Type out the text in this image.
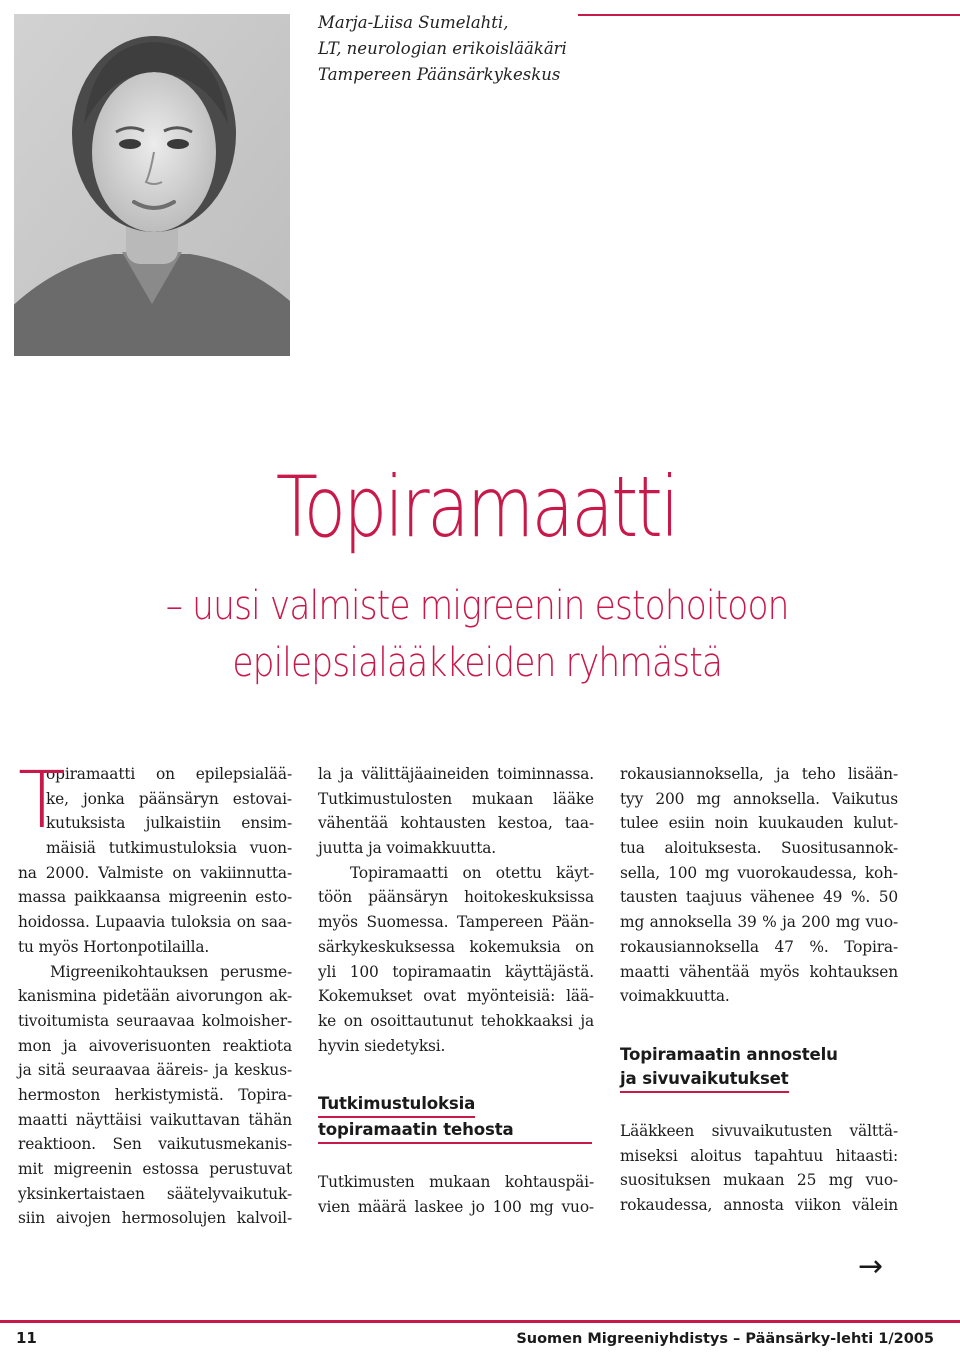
Marja-Liisa Sumelahti,
LT, neurologian erikoislääkäri
Tampereen Päänsärkykeskus
Topiramaatti
– uusi valmiste migreenin estohoitoon
epilepsialääkkeiden ryhmästä
T
opiramaatti on epilepsialää-
ke, jonka päänsäryn estovai-
kutuksista julkaistiin ensim-
mäisiä tutkimustuloksia vuon-
na 2000. Valmiste on vakiinnutta-
massa paikkaansa migreenin esto-
hoidossa. Lupaavia tuloksia on saa-
tu myös Hortonpotilailla.
Migreenikohtauksen perusme-
kanismina pidetään aivorungon ak-
tivoitumista seuraavaa kolmoisher-
mon ja aivoverisuonten reaktiota
ja sitä seuraavaa ääreis- ja keskus-
hermoston herkistymistä. Topira-
maatti näyttäisi vaikuttavan tähän
reaktioon. Sen vaikutusmekanis-
mit migreenin estossa perustuvat
yksinkertaistaen säätelyvaikutuk-
siin aivojen hermosolujen kalvoil-
la ja välittäjäaineiden toiminnassa.
Tutkimustulosten mukaan lääke
vähentää kohtausten kestoa, taa-
juutta ja voimakkuutta.
Topiramaatti on otettu käyt-
töön päänsäryn hoitokeskuksissa
myös Suomessa. Tampereen Pään-
särkykeskuksessa kokemuksia on
yli 100 topiramaatin käyttäjästä.
Kokemukset ovat myönteisiä: lää-
ke on osoittautunut tehokkaaksi ja
hyvin siedetyksi.
Tutkimustuloksia
topiramaatin tehosta
Tutkimusten mukaan kohtauspäi-
vien määrä laskee jo 100 mg vuo-
rokausiannoksella, ja teho lisään-
tyy 200 mg annoksella. Vaikutus
tulee esiin noin kuukauden kulut-
tua aloituksesta. Suositusannok-
sella, 100 mg vuorokaudessa, koh-
tausten taajuus vähenee 49 %. 50
mg annoksella 39 % ja 200 mg vuo-
rokausiannoksella 47 %. Topira-
maatti vähentää myös kohtauksen
voimakkuutta.
Topiramaatin annostelu
ja sivuvaikutukset
Lääkkeen sivuvaikutusten välttä-
miseksi aloitus tapahtuu hitaasti:
suosituksen mukaan 25 mg vuo-
rokaudessa, annosta viikon välein
→
11	Suomen Migreeniyhdistys – Päänsärky-lehti 1/2005
